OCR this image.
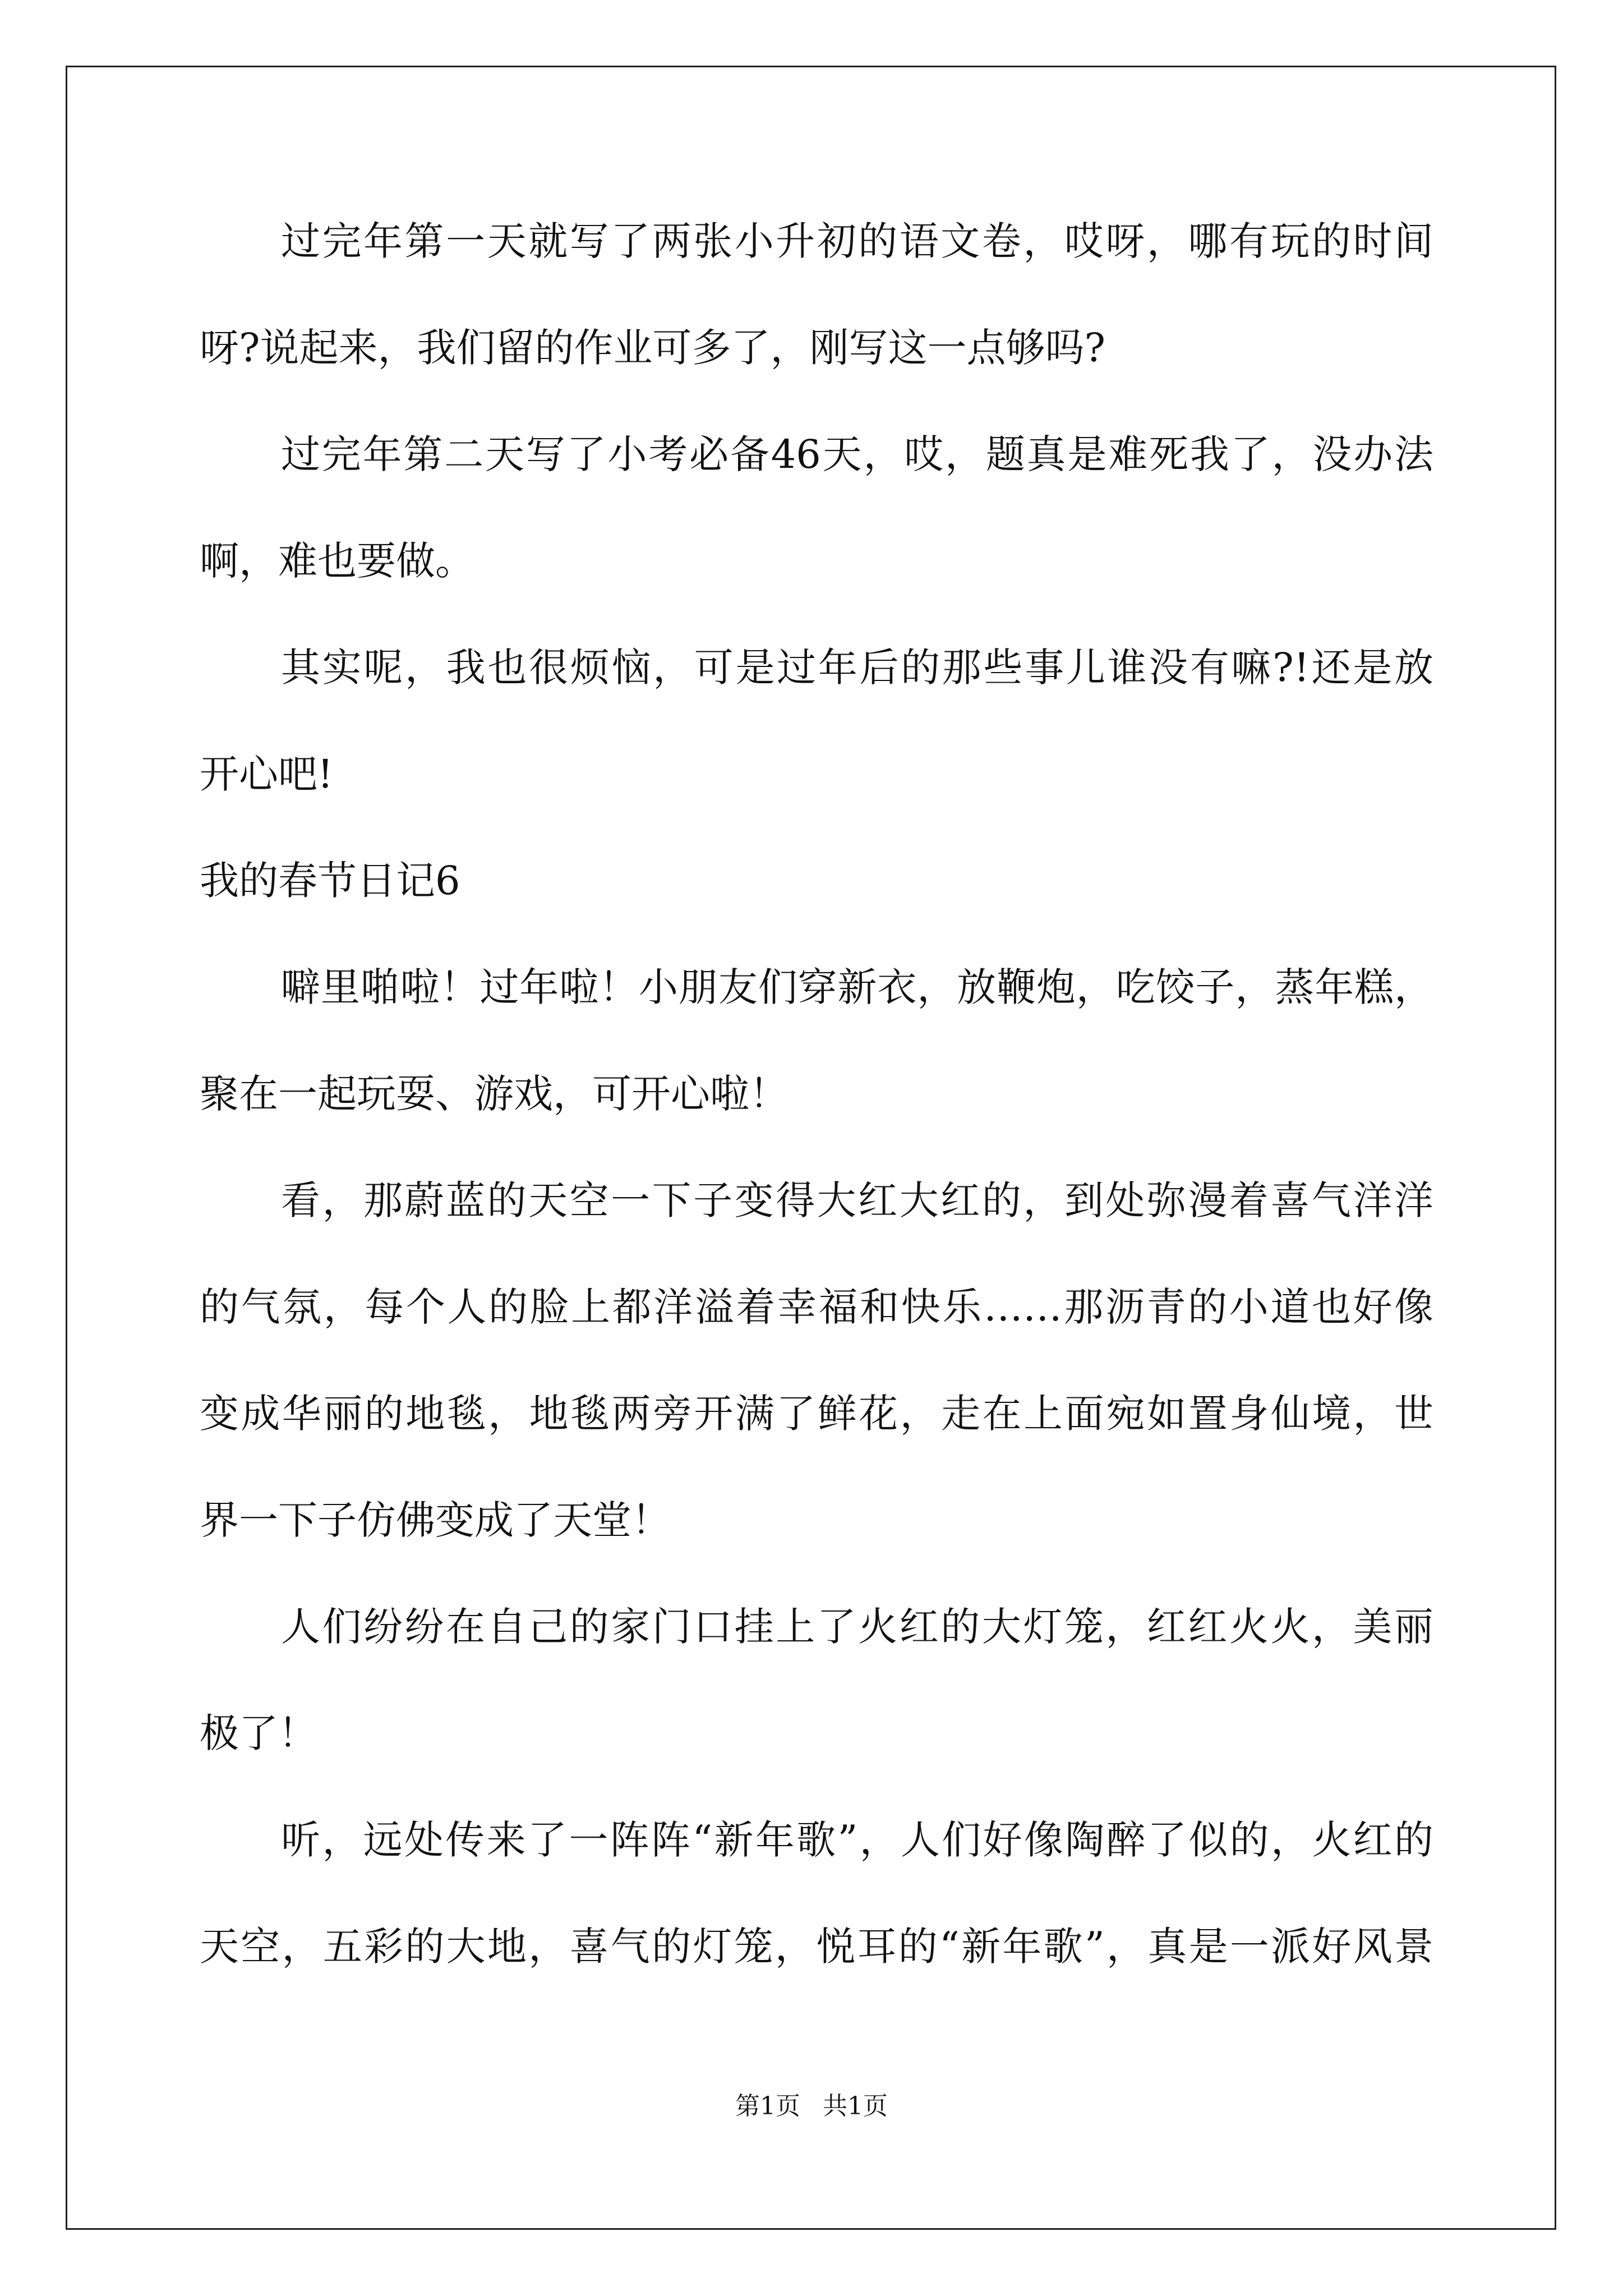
过完年第一天就写了两张小升初的语文卷，哎呀，哪有玩的时间
呀?说起来，我们留的作业可多了，刚写这一点够吗?
过完年第二天写了小考必备46天，哎，题真是难死我了，没办法
啊，难也要做。
其实呢，我也很烦恼，可是过年后的那些事儿谁没有嘛?!还是放
开心吧!
我的春节日记6
噼里啪啦！过年啦！小朋友们穿新衣，放鞭炮，吃饺子，蒸年糕，
聚在一起玩耍、游戏，可开心啦！
看，那蔚蓝的天空一下子变得大红大红的，到处弥漫着喜气洋洋
的气氛，每个人的脸上都洋溢着幸福和快乐……那沥青的小道也好像
变成华丽的地毯，地毯两旁开满了鲜花，走在上面宛如置身仙境，世
界一下子仿佛变成了天堂！
人们纷纷在自己的家门口挂上了火红的大灯笼，红红火火，美丽
极了！
听，远处传来了一阵阵“新年歌”，人们好像陶醉了似的，火红的
天空，五彩的大地，喜气的灯笼，悦耳的“新年歌”，真是一派好风景
第1页 共1页
